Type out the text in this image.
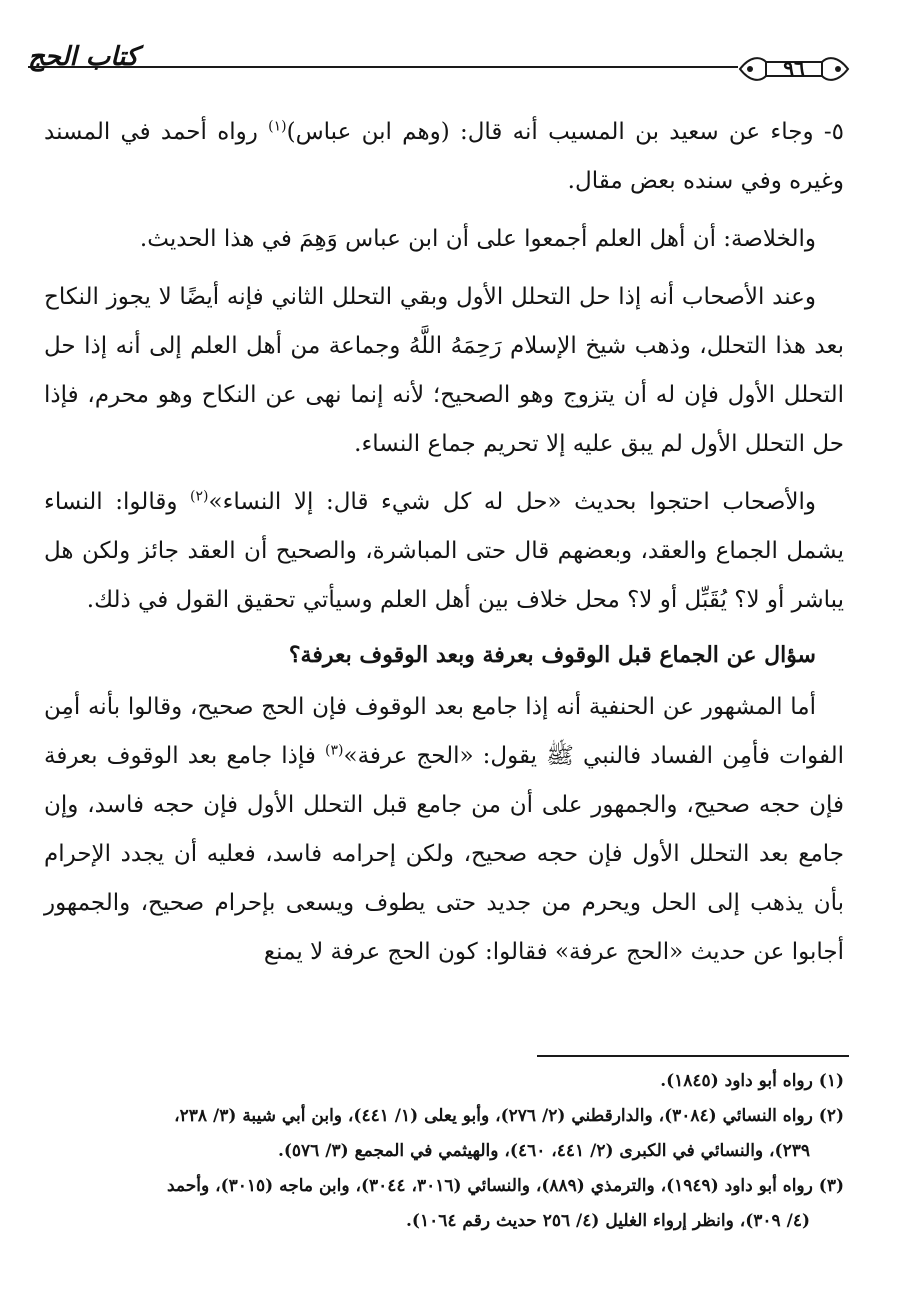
كتاب الحج	٩٦

٥- وجاء عن سعيد بن المسيب أنه قال: (وهم ابن عباس)$^{(١)}$ رواه أحمد في المسند وغيره وفي سنده بعض مقال.

والخلاصة: أن أهل العلم أجمعوا على أن ابن عباس وَهِمَ في هذا الحديث.

وعند الأصحاب أنه إذا حل التحلل الأول وبقي التحلل الثاني فإنه أيضًا لا يجوز النكاح بعد هذا التحلل، وذهب شيخ الإسلام رَحِمَهُ اللَّهُ وجماعة من أهل العلم إلى أنه إذا حل التحلل الأول فإن له أن يتزوج وهو الصحيح؛ لأنه إنما نهى عن النكاح وهو محرم، فإذا حل التحلل الأول لم يبق عليه إلا تحريم جماع النساء.

والأصحاب احتجوا بحديث «حل له كل شيء قال: إلا النساء»$^{(٢)}$ وقالوا: النساء يشمل الجماع والعقد، وبعضهم قال حتى المباشرة، والصحيح أن العقد جائز ولكن هل يباشر أو لا؟ يُقَبِّل أو لا؟ محل خلاف بين أهل العلم وسيأتي تحقيق القول في ذلك.

سؤال عن الجماع قبل الوقوف بعرفة وبعد الوقوف بعرفة؟

أما المشهور عن الحنفية أنه إذا جامع بعد الوقوف فإن الحج صحيح، وقالوا بأنه أمِن الفوات فأمِن الفساد فالنبي ﷺ يقول: «الحج عرفة»$^{(٣)}$ فإذا جامع بعد الوقوف بعرفة فإن حجه صحيح، والجمهور على أن من جامع قبل التحلل الأول فإن حجه فاسد، وإن جامع بعد التحلل الأول فإن حجه صحيح، ولكن إحرامه فاسد، فعليه أن يجدد الإحرام بأن يذهب إلى الحل ويحرم من جديد حتى يطوف ويسعى بإحرام صحيح، والجمهور أجابوا عن حديث «الحج عرفة» فقالوا: كون الحج عرفة لا يمنع

(١) رواه أبو داود (١٨٤٥).

(٢) رواه النسائي (٣٠٨٤)، والدارقطني (٢/ ٢٧٦)، وأبو يعلى (١/ ٤٤١)، وابن أبي شيبة (٣/ ٢٣٨،
٢٣٩)، والنسائي في الكبرى (٢/ ٤٤١، ٤٦٠)، والهيثمي في المجمع (٣/ ٥٧٦).

(٣) رواه أبو داود (١٩٤٩)، والترمذي (٨٨٩)، والنسائي (٣٠١٦، ٣٠٤٤)، وابن ماجه (٣٠١٥)، وأحمد
(٤/ ٣٠٩)، وانظر إرواء الغليل (٤/ ٢٥٦ حديث رقم ١٠٦٤).
